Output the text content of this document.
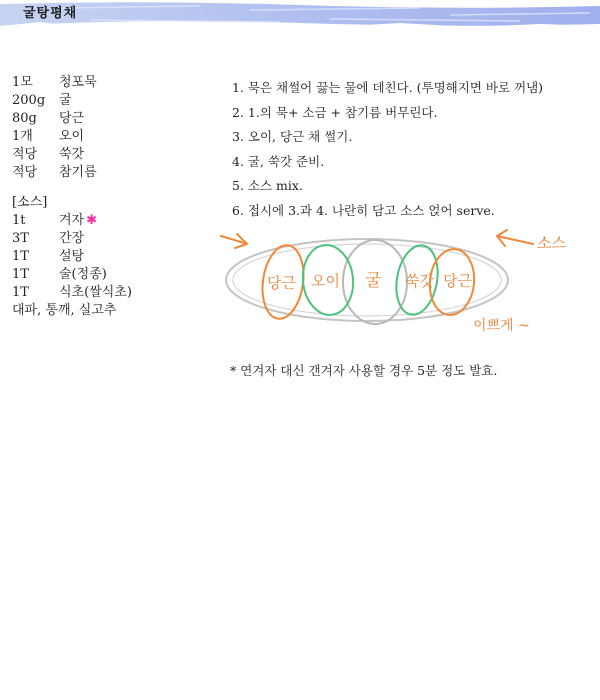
굴탕평채
1모	청포묵
200g	굴
80g	당근
1개	오이
적당	쑥갓
적당	참기름
[소스]
1t	겨자 ✱
3T	간장
1T	설탕
1T	술(정종)
1T	식초(쌀식초)
대파, 통깨, 실고추
1. 묵은 채썰어 끓는 물에 데친다. (투명해지면 바로 꺼냄)
2. 1.의 묵+ 소금 + 참기름 버무린다.
3. 오이, 당근 채 썰기.
4. 굴, 쑥갓 준비.
5. 소스 mix.
6. 접시에 3.과 4. 나란히 담고 소스 얹어 serve.
당근 오이 굴 쑥갓 당근
소스
이쁘게 ~
* 연겨자 대신 갠겨자 사용할 경우 5분 정도 발효.
